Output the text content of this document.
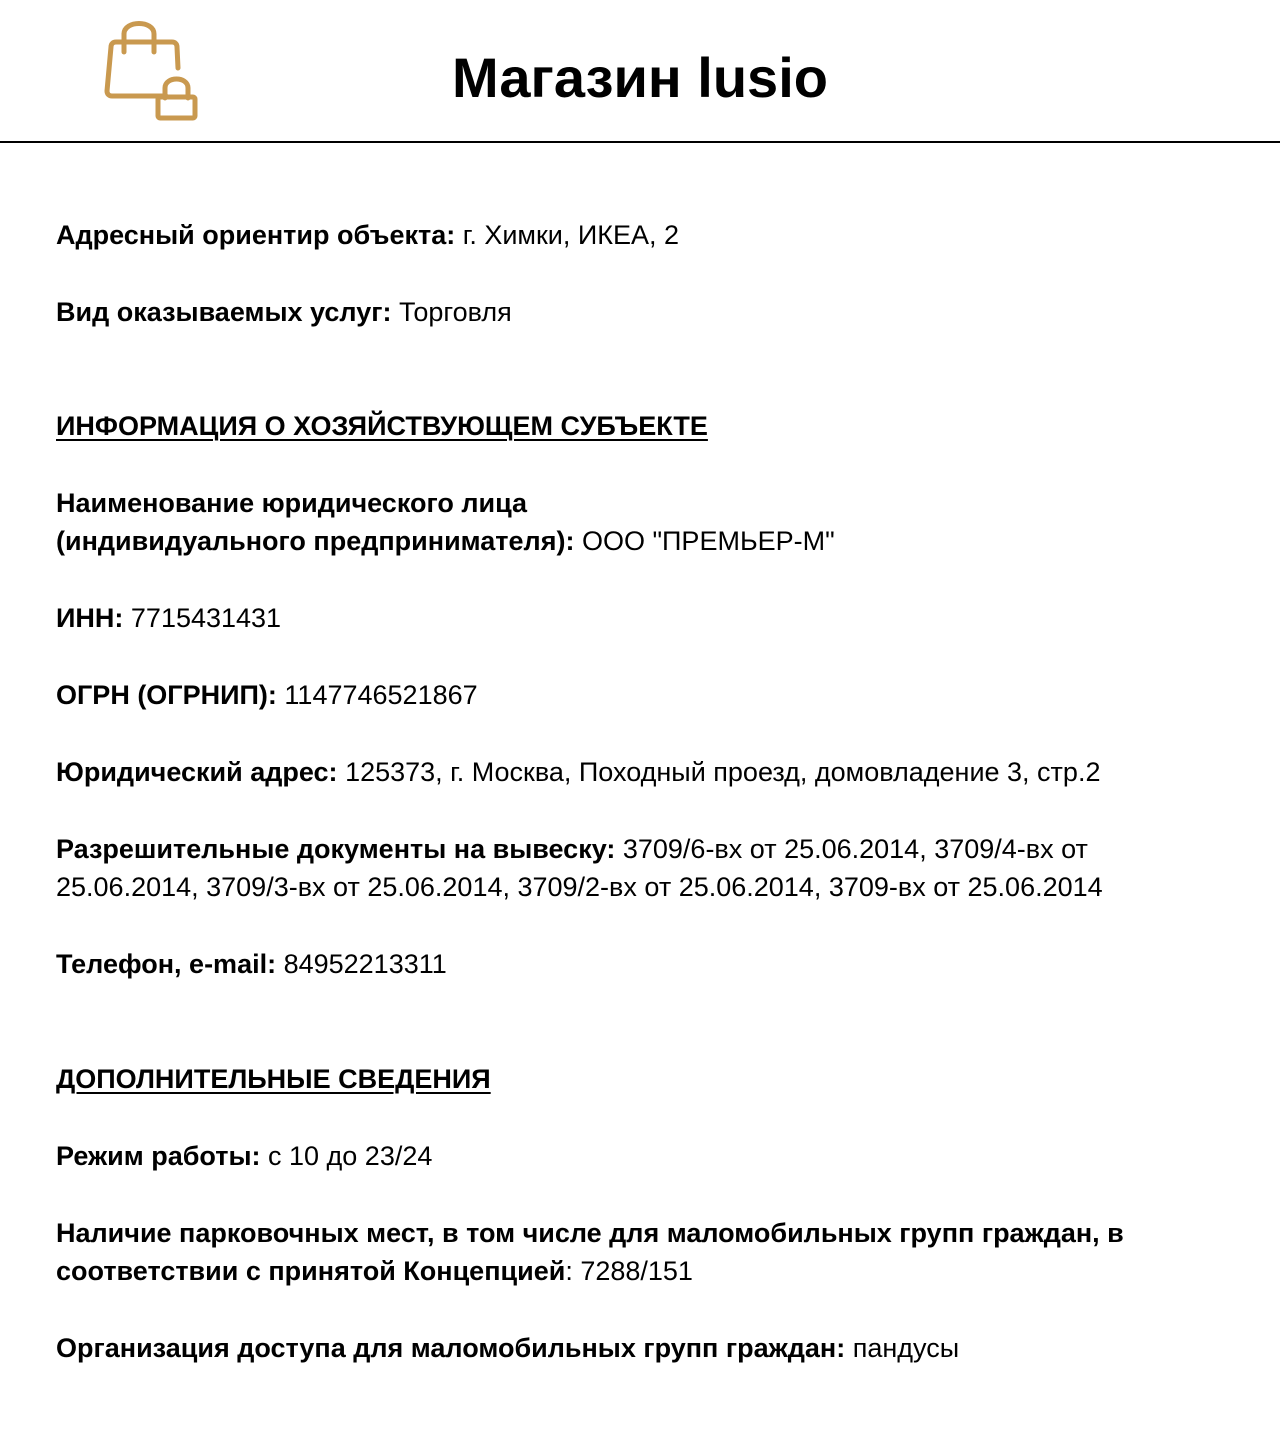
Магазин lusio

Адресный ориентир объекта: г. Химки, ИКЕА, 2

Вид оказываемых услуг: Торговля

ИНФОРМАЦИЯ О ХОЗЯЙСТВУЮЩЕМ СУБЪЕКТЕ

Наименование юридического лица
(индивидуального предпринимателя): ООО "ПРЕМЬЕР-М"

ИНН: 7715431431

ОГРН (ОГРНИП): 1147746521867

Юридический адрес: 125373, г. Москва, Походный проезд, домовладение 3, стр.2

Разрешительные документы на вывеску: 3709/6-вх от 25.06.2014, 3709/4-вх от
25.06.2014, 3709/3-вх от 25.06.2014, 3709/2-вх от 25.06.2014, 3709-вх от 25.06.2014

Телефон, e-mail: 84952213311

ДОПОЛНИТЕЛЬНЫЕ СВЕДЕНИЯ

Режим работы: с 10 до 23/24

Наличие парковочных мест, в том числе для маломобильных групп граждан, в
соответствии с принятой Концепцией: 7288/151

Организация доступа для маломобильных групп граждан: пандусы
